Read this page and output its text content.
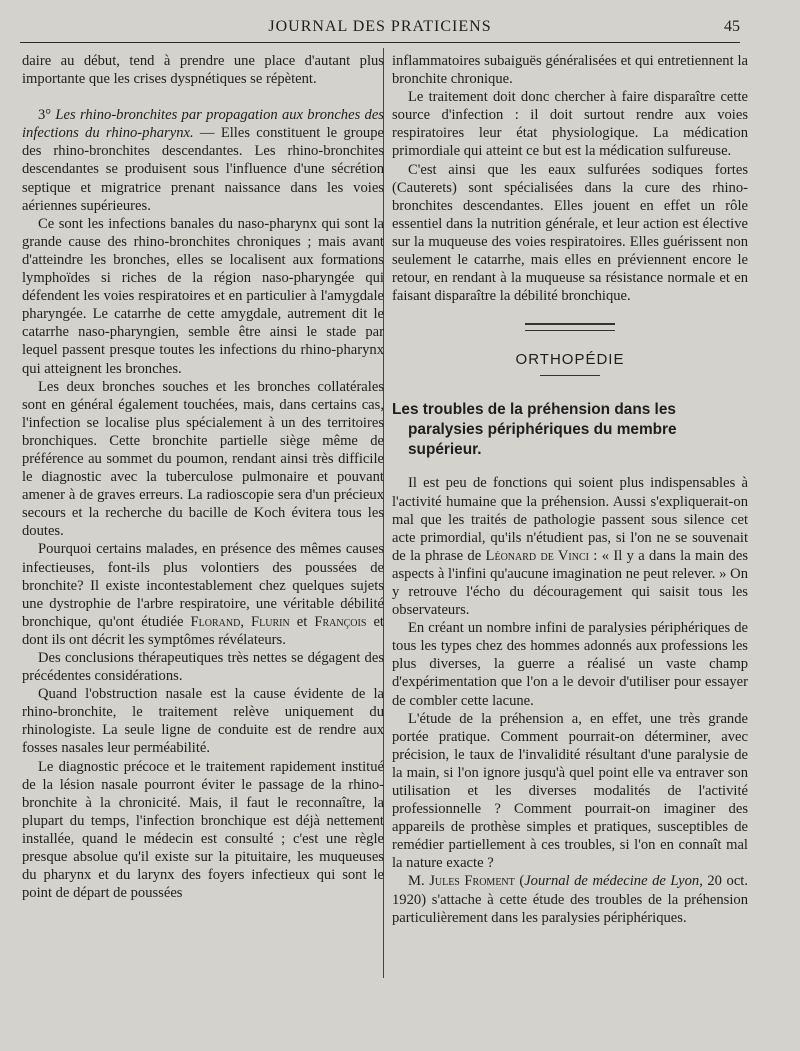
JOURNAL DES PRATICIENS	45

daire au début, tend à prendre une place d'autant plus importante que les crises dyspnétiques se répètent.

3° Les rhino-bronchites par propagation aux bronches des infections du rhino-pharynx. — Elles constituent le groupe des rhino-bronchites descendantes. Les rhino-bronchites descendantes se produisent sous l'influence d'une sécrétion septique et migratrice prenant naissance dans les voies aériennes supérieures.

Ce sont les infections banales du naso-pharynx qui sont la grande cause des rhino-bronchites chroniques ; mais avant d'atteindre les bronches, elles se localisent aux formations lymphoïdes si riches de la région naso-pharyngée qui défendent les voies respiratoires et en particulier à l'amygdale pharyngée. Le catarrhe de cette amygdale, autrement dit le catarrhe naso-pharyngien, semble être ainsi le stade par lequel passent presque toutes les infections du rhino-pharynx qui atteignent les bronches.

Les deux bronches souches et les bronches collatérales sont en général également touchées, mais, dans certains cas, l'infection se localise plus spécialement à un des territoires bronchiques. Cette bronchite partielle siège même de préférence au sommet du poumon, rendant ainsi très difficile le diagnostic avec la tuberculose pulmonaire et pouvant amener à de graves erreurs. La radioscopie sera d'un précieux secours et la recherche du bacille de Koch évitera tous les doutes.

Pourquoi certains malades, en présence des mêmes causes infectieuses, font-ils plus volontiers des poussées de bronchite? Il existe incontestablement chez quelques sujets une dystrophie de l'arbre respiratoire, une véritable débilité bronchique, qu'ont étudiée Florand, Flurin et François et dont ils ont décrit les symptômes révélateurs.

Des conclusions thérapeutiques très nettes se dégagent des précédentes considérations.

Quand l'obstruction nasale est la cause évidente de la rhino-bronchite, le traitement relève uniquement du rhinologiste. La seule ligne de conduite est de rendre aux fosses nasales leur perméabilité.

Le diagnostic précoce et le traitement rapidement institué de la lésion nasale pourront éviter le passage de la rhino-bronchite à la chronicité. Mais, il faut le reconnaître, la plupart du temps, l'infection bronchique est déjà nettement installée, quand le médecin est consulté ; c'est une règle presque absolue qu'il existe sur la pituitaire, les muqueuses du pharynx et du larynx des foyers infectieux qui sont le point de départ de poussées

inflammatoires subaiguës généralisées et qui entretiennent la bronchite chronique.

Le traitement doit donc chercher à faire disparaître cette source d'infection : il doit surtout rendre aux voies respiratoires leur état physiologique. La médication primordiale qui atteint ce but est la médication sulfureuse.

C'est ainsi que les eaux sulfurées sodiques fortes (Cauterets) sont spécialisées dans la cure des rhino-bronchites descendantes. Elles jouent en effet un rôle essentiel dans la nutrition générale, et leur action est élective sur la muqueuse des voies respiratoires. Elles guérissent non seulement le catarrhe, mais elles en préviennent encore le retour, en rendant à la muqueuse sa résistance normale et en faisant disparaître la débilité bronchique.

ORTHOPÉDIE

Les troubles de la préhension dans les paralysies périphériques du membre supérieur.

Il est peu de fonctions qui soient plus indispensables à l'activité humaine que la préhension. Aussi s'expliquerait-on mal que les traités de pathologie passent sous silence cet acte primordial, qu'ils n'étudient pas, si l'on ne se souvenait de la phrase de Léonard de Vinci : « Il y a dans la main des aspects à l'infini qu'aucune imagination ne peut relever. » On y retrouve l'écho du découragement qui saisit tous les observateurs.

En créant un nombre infini de paralysies périphériques de tous les types chez des hommes adonnés aux professions les plus diverses, la guerre a réalisé un vaste champ d'expérimentation que l'on a le devoir d'utiliser pour essayer de combler cette lacune.

L'étude de la préhension a, en effet, une très grande portée pratique. Comment pourrait-on déterminer, avec précision, le taux de l'invalidité résultant d'une paralysie de la main, si l'on ignore jusqu'à quel point elle va entraver son utilisation et les diverses modalités de l'activité professionnelle ? Comment pourrait-on imaginer des appareils de prothèse simples et pratiques, susceptibles de remédier partiellement à ces troubles, si l'on en connaît mal la nature exacte ?

M. Jules Froment (Journal de médecine de Lyon, 20 oct. 1920) s'attache à cette étude des troubles de la préhension particulièrement dans les paralysies périphériques.
